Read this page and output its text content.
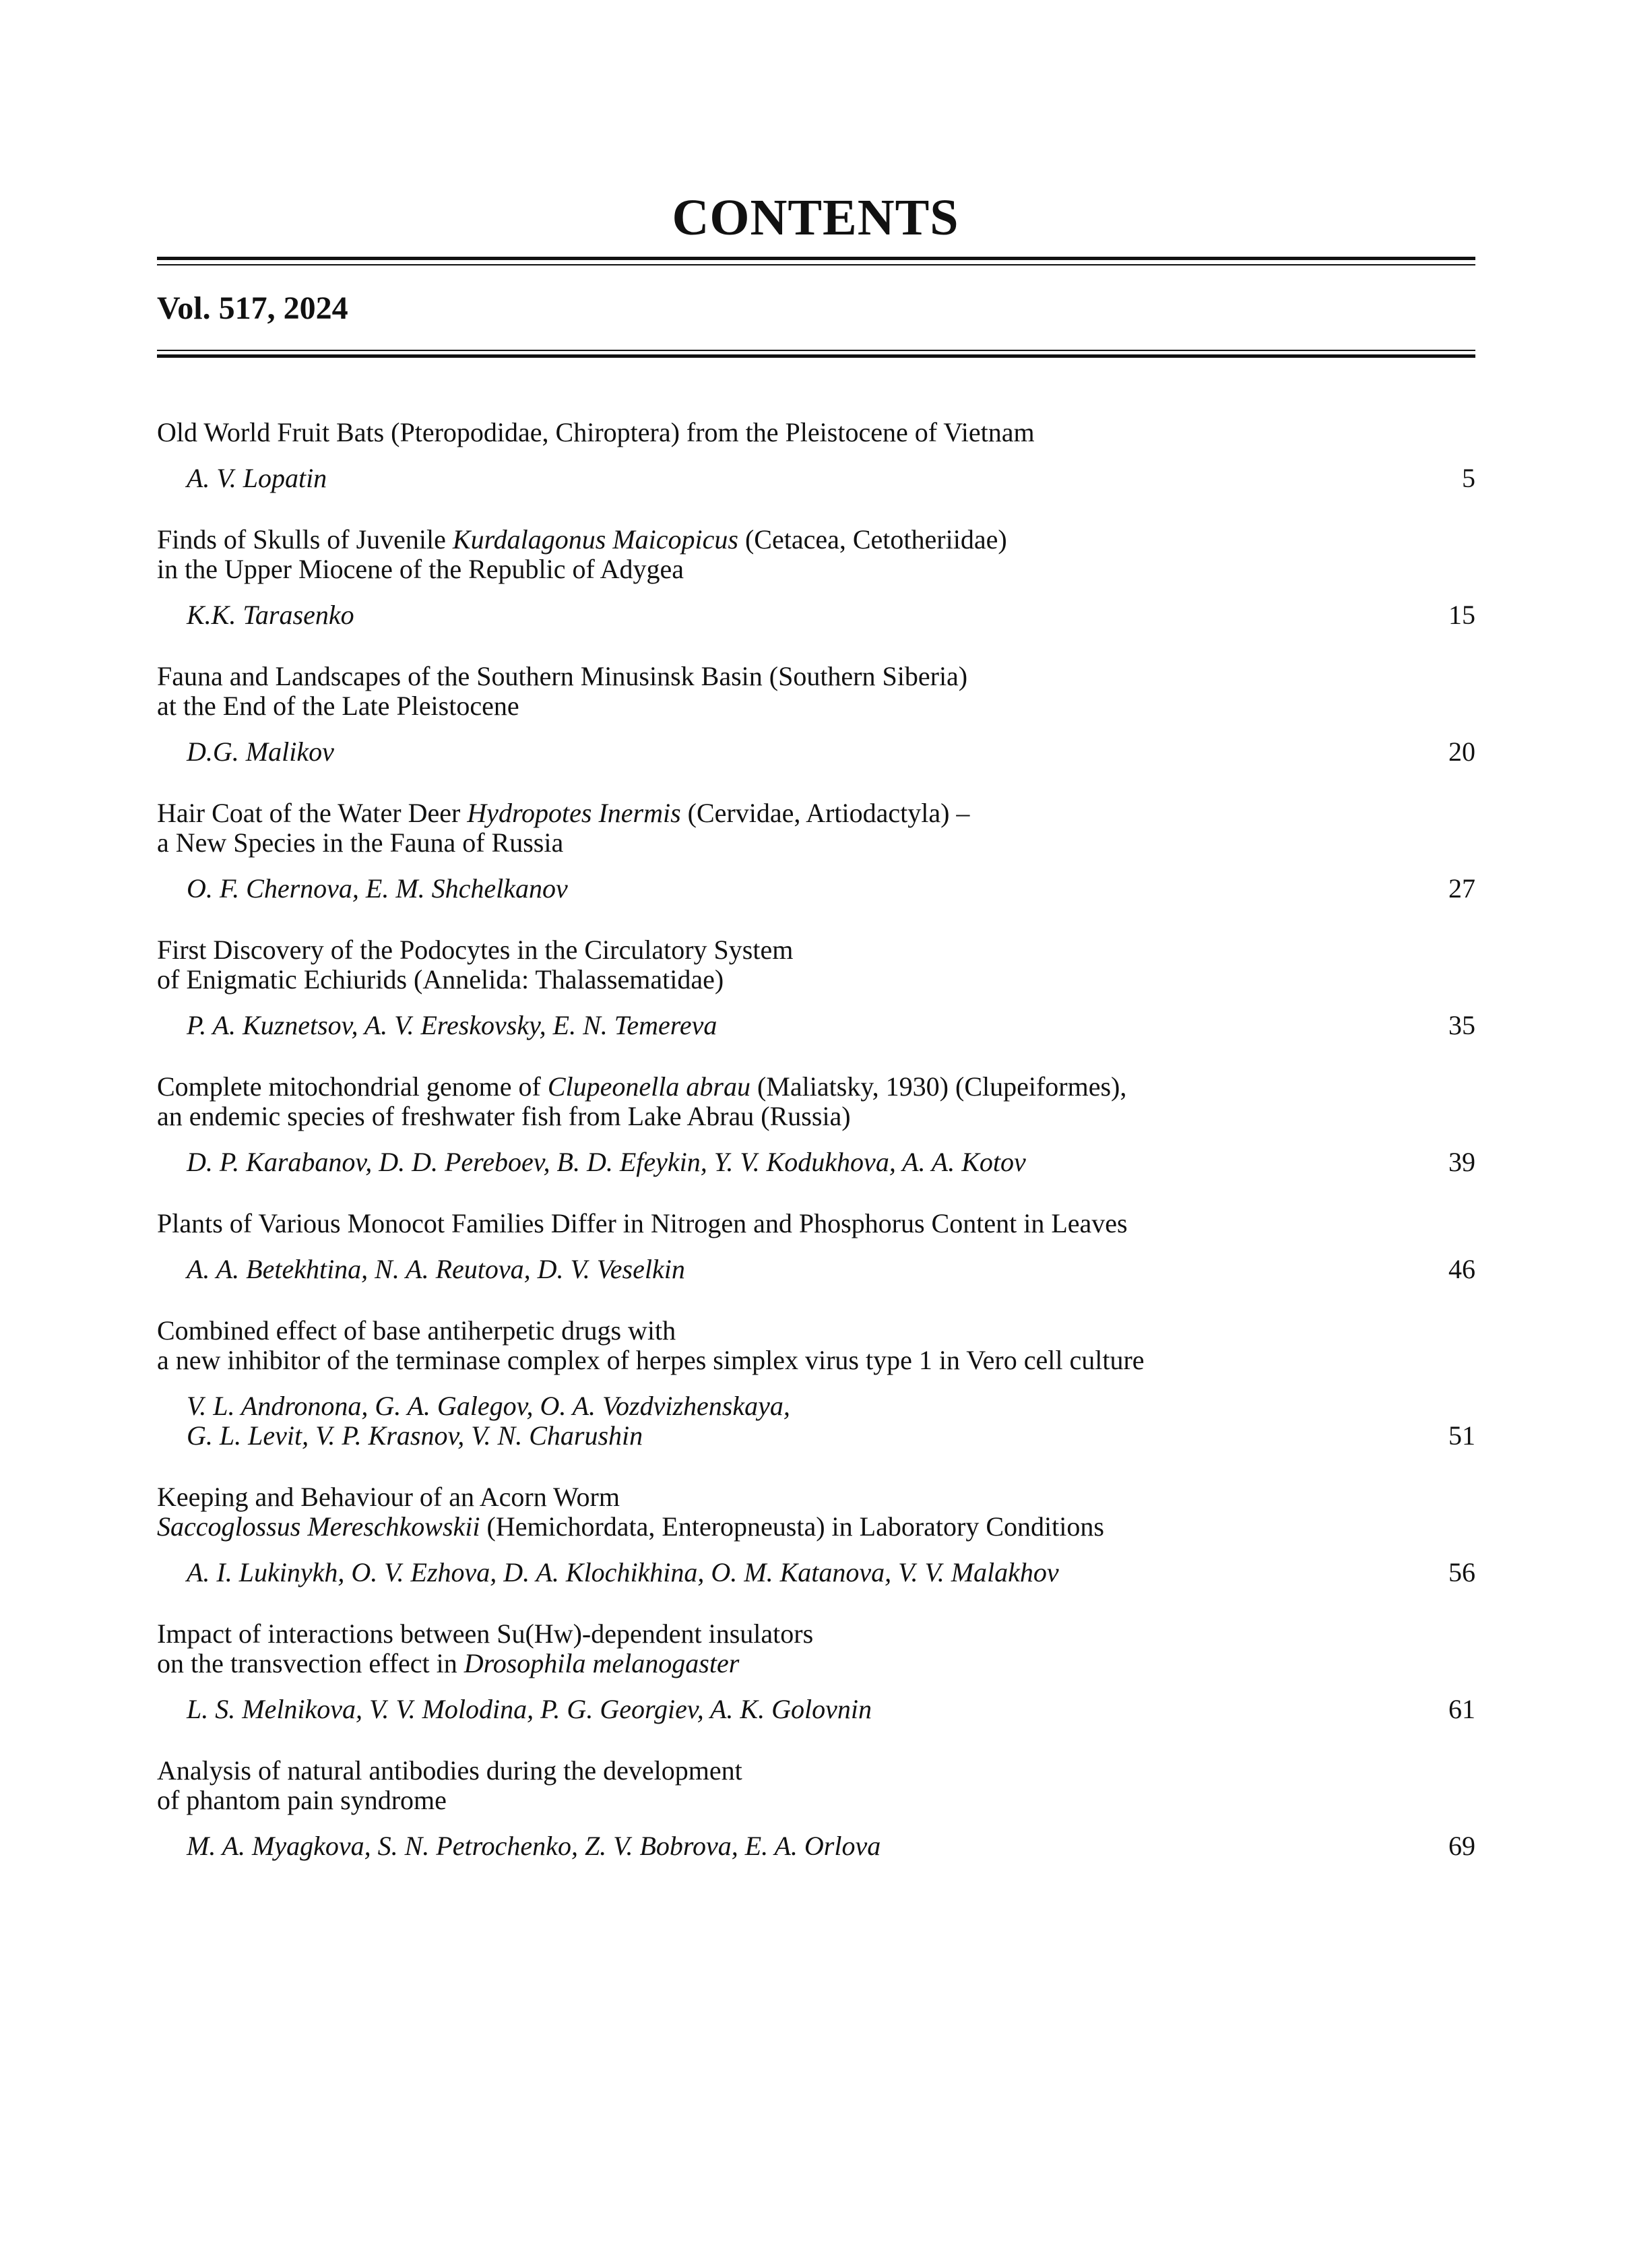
CONTENTS
Vol. 517, 2024
Old World Fruit Bats (Pteropodidae, Chiroptera) from the Pleistocene of Vietnam
A. V. Lopatin	5
Finds of Skulls of Juvenile Kurdalagonus Maicopicus (Cetacea, Cetotheriidae)
in the Upper Miocene of the Republic of Adygea
K.K. Tarasenko	15
Fauna and Landscapes of the Southern Minusinsk Basin (Southern Siberia)
at the End of the Late Pleistocene
D.G. Malikov	20
Hair Coat of the Water Deer Hydropotes Inermis (Cervidae, Artiodactyla) –
a New Species in the Fauna of Russia
O. F. Chernova, E. M. Shchelkanov	27
First Discovery of the Podocytes in the Circulatory System
of Enigmatic Echiurids (Annelida: Thalassematidae)
P. A. Kuznetsov, A. V. Ereskovsky, E. N. Temereva	35
Complete mitochondrial genome of Clupeonella abrau (Maliatsky, 1930) (Clupeiformes),
an endemic species of freshwater fish from Lake Abrau (Russia)
D. P. Karabanov, D. D. Pereboev, B. D. Efeykin, Y. V. Kodukhova, A. A. Kotov	39
Plants of Various Monocot Families Differ in Nitrogen and Phosphorus Content in Leaves
A. A. Betekhtina, N. A. Reutova, D. V. Veselkin	46
Combined effect of base antiherpetic drugs with
a new inhibitor of the terminase complex of herpes simplex virus type 1 in Vero cell culture
V. L. Andronona, G. A. Galegov, O. A. Vozdvizhenskaya,
G. L. Levit, V. P. Krasnov, V. N. Charushin	51
Keeping and Behaviour of an Acorn Worm
Saccoglossus Mereschkowskii (Hemichordata, Enteropneusta) in Laboratory Conditions
A. I. Lukinykh, O. V. Ezhova, D. A. Klochikhina, O. M. Katanova, V. V. Malakhov	56
Impact of interactions between Su(Hw)-dependent insulators
on the transvection effect in Drosophila melanogaster
L. S. Melnikova, V. V. Molodina, P. G. Georgiev, A. K. Golovnin	61
Analysis of natural antibodies during the development
of phantom pain syndrome
M. A. Myagkova, S. N. Petrochenko, Z. V. Bobrova, E. A. Orlova	69
